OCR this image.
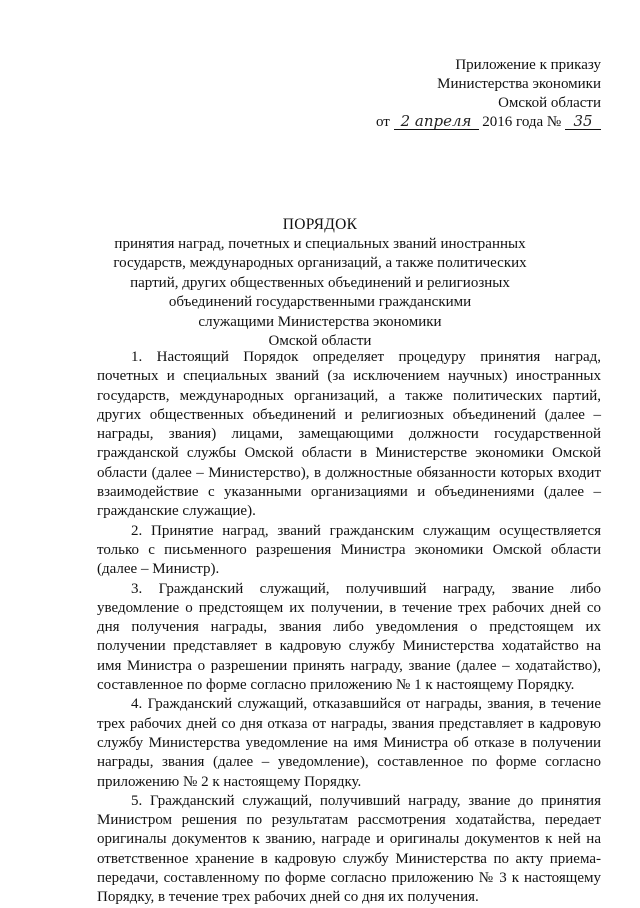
Приложение к приказу
Министерства экономики
Омской области
от 2 апреля 2016 года № 35
ПОРЯДОК
принятия наград, почетных и специальных званий иностранных
государств, международных организаций, а также политических
партий, других общественных объединений и религиозных
объединений государственными гражданскими
служащими Министерства экономики
Омской области

1. Настоящий Порядок определяет процедуру принятия наград, почетных и специальных званий (за исключением научных) иностранных государств, международных организаций, а также политических партий, других общественных объединений и религиозных объединений (далее – награды, звания) лицами, замещающими должности государственной гражданской службы Омской области в Министерстве экономики Омской области (далее – Министерство), в должностные обязанности которых входит взаимодействие с указанными организациями и объединениями (далее – гражданские служащие).

2. Принятие наград, званий гражданским служащим осуществляется только с письменного разрешения Министра экономики Омской области (далее – Министр).

3. Гражданский служащий, получивший награду, звание либо уведомление о предстоящем их получении, в течение трех рабочих дней со дня получения награды, звания либо уведомления о предстоящем их получении представляет в кадровую службу Министерства ходатайство на имя Министра о разрешении принять награду, звание (далее – ходатайство), составленное по форме согласно приложению № 1 к настоящему Порядку.

4. Гражданский служащий, отказавшийся от награды, звания, в течение трех рабочих дней со дня отказа от награды, звания представляет в кадровую службу Министерства уведомление на имя Министра об отказе в получении награды, звания (далее – уведомление), составленное по форме согласно приложению № 2 к настоящему Порядку.

5. Гражданский служащий, получивший награду, звание до принятия Министром решения по результатам рассмотрения ходатайства, передает оригиналы документов к званию, награде и оригиналы документов к ней на ответственное хранение в кадровую службу Министерства по акту приема-передачи, составленному по форме согласно приложению № 3 к настоящему Порядку, в течение трех рабочих дней со дня их получения.
